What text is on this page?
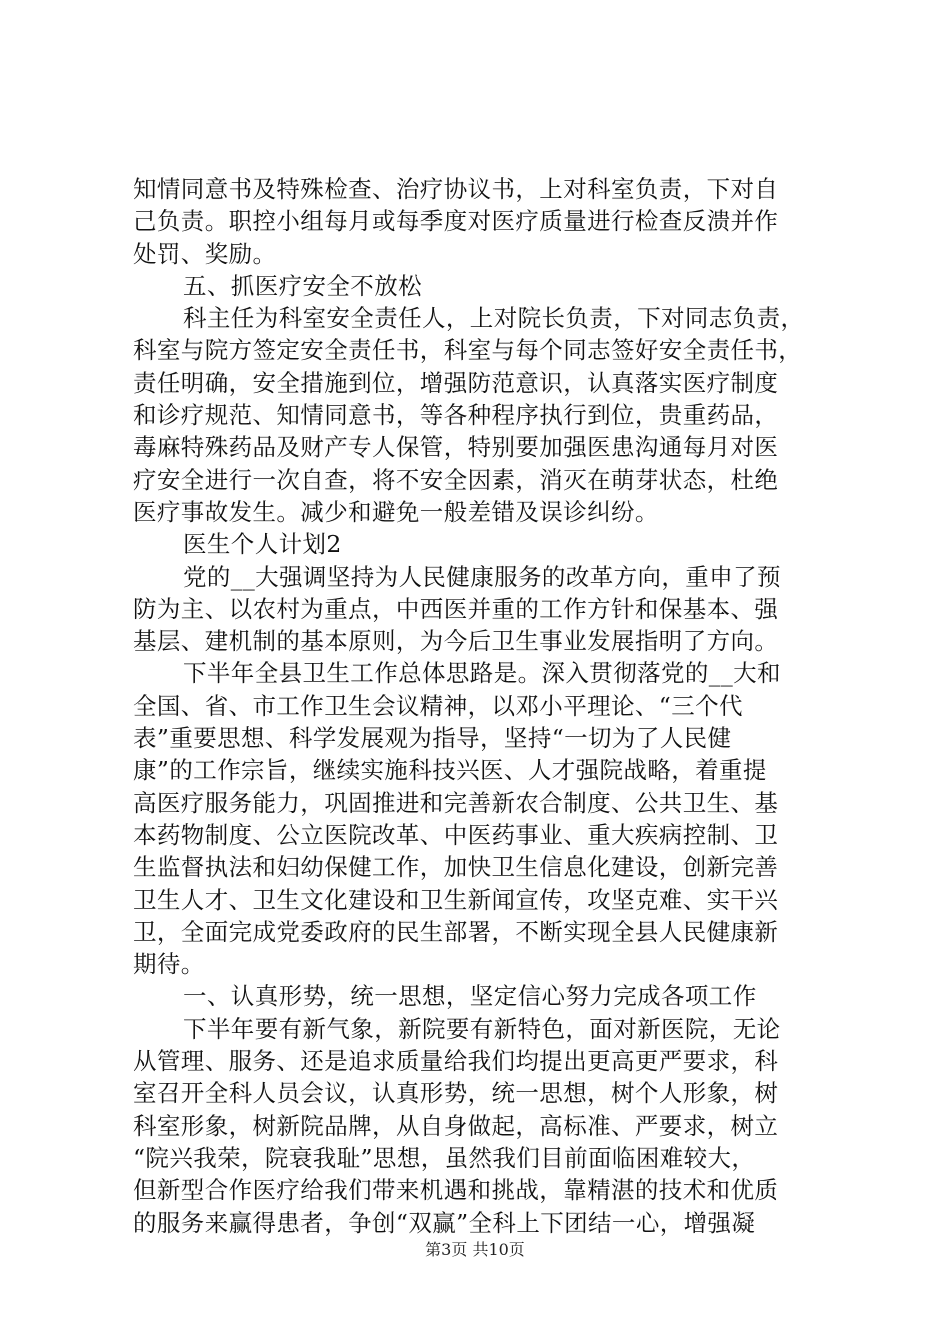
知情同意书及特殊检查、治疗协议书，上对科室负责，下对自
己负责。职控小组每月或每季度对医疗质量进行检查反溃并作
处罚、奖励。
五、抓医疗安全不放松
科主任为科室安全责任人，上对院长负责，下对同志负责，
科室与院方签定安全责任书，科室与每个同志签好安全责任书，
责任明确，安全措施到位，增强防范意识，认真落实医疗制度
和诊疗规范、知情同意书，等各种程序执行到位，贵重药品，
毒麻特殊药品及财产专人保管，特别要加强医患沟通每月对医
疗安全进行一次自查，将不安全因素，消灭在萌芽状态，杜绝
医疗事故发生。减少和避免一般差错及误诊纠纷。
医生个人计划2
党的__大强调坚持为人民健康服务的改革方向，重申了预
防为主、以农村为重点，中西医并重的工作方针和保基本、强
基层、建机制的基本原则，为今后卫生事业发展指明了方向。
下半年全县卫生工作总体思路是。深入贯彻落党的__大和
全国、省、市工作卫生会议精神，以邓小平理论、“三个代
表”重要思想、科学发展观为指导，坚持“一切为了人民健
康”的工作宗旨，继续实施科技兴医、人才强院战略，着重提
高医疗服务能力，巩固推进和完善新农合制度、公共卫生、基
本药物制度、公立医院改革、中医药事业、重大疾病控制、卫
生监督执法和妇幼保健工作，加快卫生信息化建设，创新完善
卫生人才、卫生文化建设和卫生新闻宣传，攻坚克难、实干兴
卫，全面完成党委政府的民生部署，不断实现全县人民健康新
期待。
一、认真形势，统一思想，坚定信心努力完成各项工作
下半年要有新气象，新院要有新特色，面对新医院，无论
从管理、服务、还是追求质量给我们均提出更高更严要求，科
室召开全科人员会议，认真形势，统一思想，树个人形象，树
科室形象，树新院品牌，从自身做起，高标准、严要求，树立
“院兴我荣，院衰我耻”思想，虽然我们目前面临困难较大，
但新型合作医疗给我们带来机遇和挑战，靠精湛的技术和优质
的服务来赢得患者，争创“双赢”全科上下团结一心，增强凝
第3页 共10页
